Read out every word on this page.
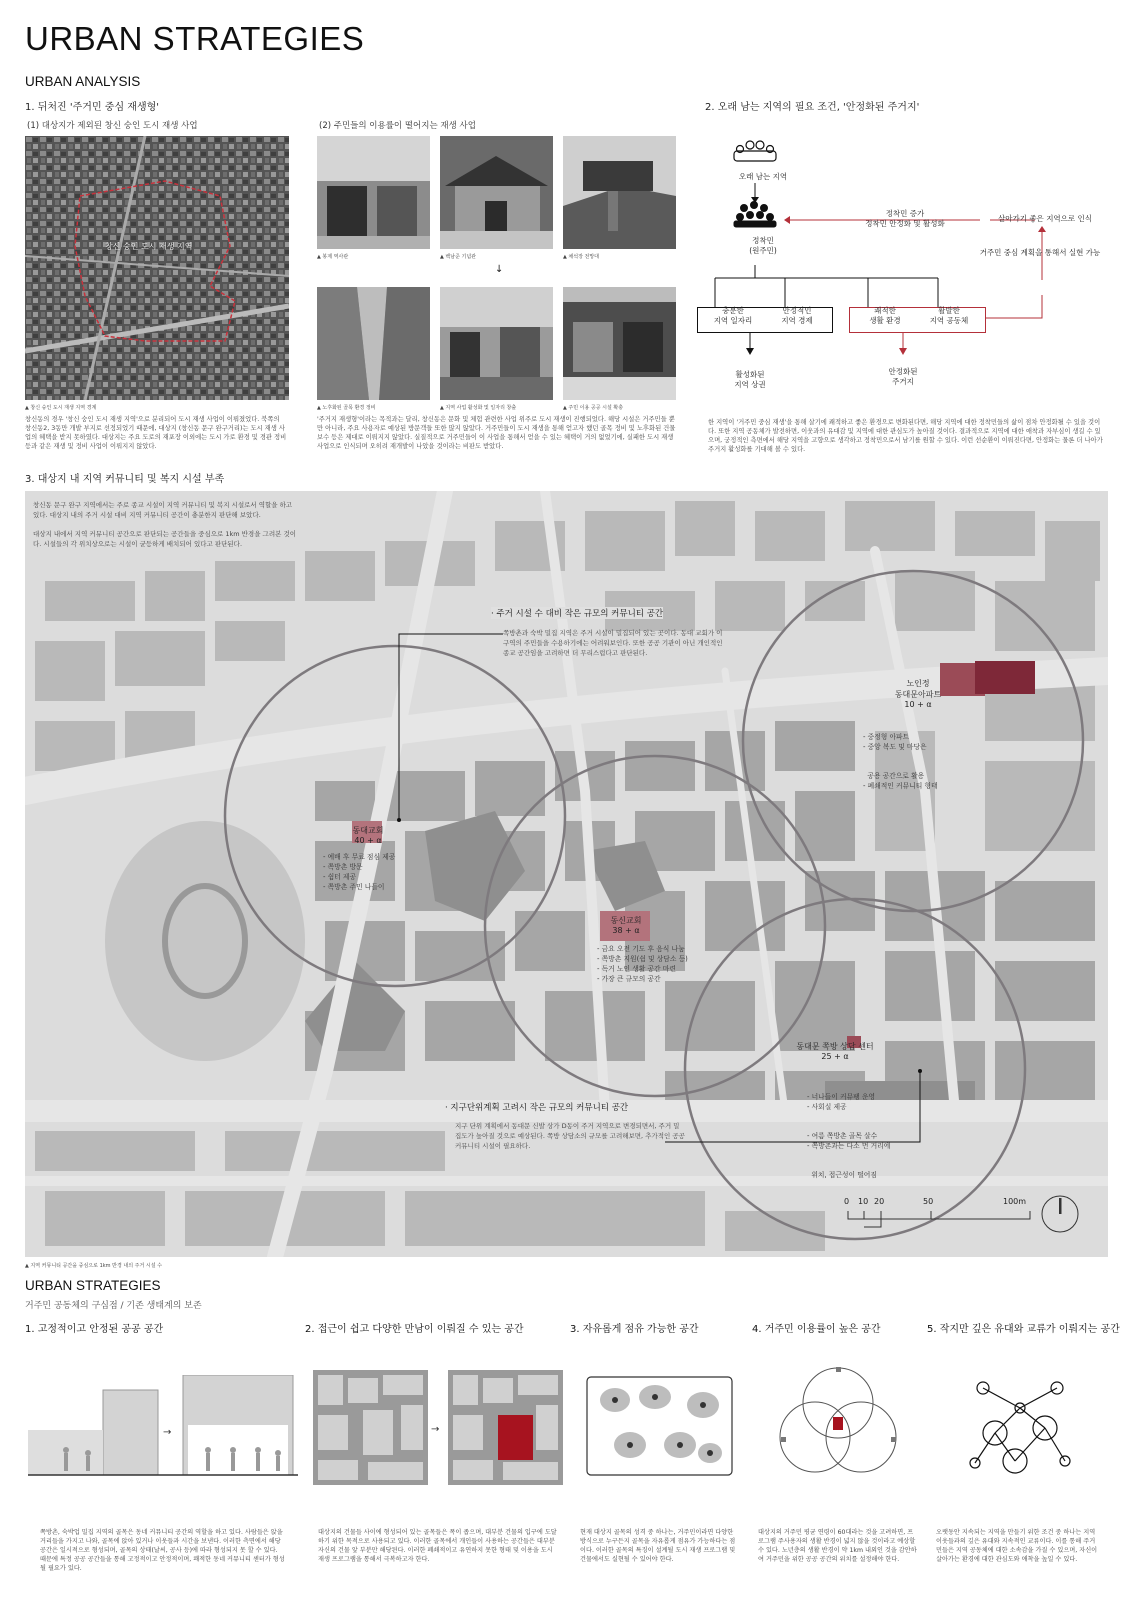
URBAN STRATEGIES
URBAN ANALYSIS
1. 뒤처진 '주거민 중심 재생형'
(1) 대상지가 제외된 창신 숭인 도시 재생 사업
창신 숭인 도시 재생 지역
▲ 창신 숭인 도시 재생 지역 경계
창신동의 경우 '창신 숭인 도시 재생 지역'으로 분리되어 도시 재생 사업이 이뤄졌었다. 북쪽의 창신동2, 3동만 개발 부지로 선정되었기 때문에, 대상지 (창신동 문구 완구거리)는 도시 재생 사업의 혜택을 받지 못하였다. 대상지는 주요 도로의 재포장 이외에는 도시 가로 환경 및 경관 정비 등과 같은 재생 및 정비 사업이 이뤄지지 않았다.
(2) 주민들의 이용률이 떨어지는 재생 사업
▲ 봉제 역사관	▲ 백남준 기념관	▲ 채석장 전망대
↓
▲ 노후화된 골목 환경 정비	▲ 지역 사업 활성화 및 일자리 창출	▲ 주민 이용 공공 시설 확충
'주거지 재생형'이라는 목적과는 달리, 창신동은 문화 및 체험 관련한 사업 위주로 도시 재생이 진행되었다. 해당 시설은 거주민들 뿐만 아니라, 주요 사용자로 예상된 방문객들 또한 많지 않았다. 거주민들이 도시 재생을 통해 얻고자 했던 골목 정비 및 노후화된 건물 보수 등은 제대로 이뤄지지 않았다. 실질적으로 거주민들이 이 사업을 통해서 얻을 수 있는 혜택이 거의 없었기에, 실패한 도시 재생 사업으로 인식되며 오히려 재개발이 나았을 것이라는 비판도 받았다.
2. 오래 남는 지역의 필요 조건, '안정화된 주거지'
오래 남는 지역
정착민
(원주민)
정착민 증가
정착민 안정화 및 활성화
살아가기 좋은 지역으로 인식
거주민 중심 계획을 통해서 실현 가능
충분한
지역 일자리
안정적인
지역 경제
쾌적한
생활 환경
활발한
지역 공동체
활성화된
지역 상권
안정화된
주거지
한 지역이 '거주민 중심 재생'을 통해 살기에 쾌적하고 좋은 환경으로 변화된다면, 해당 지역에 대한 정착민들의 삶이 점차 안정화될 수 있을 것이다. 또한 지역 공동체가 발전하면, 이웃과의 유대감 및 지역에 대한 관심도가 높아질 것이다. 결과적으로 지역에 대한 애착과 자부심이 생길 수 있으며, 궁정적인 측면에서 해당 지역을 고향으로 생각하고 정착민으로서 남기를 원할 수 있다. 이런 선순환이 이뤄진다면, 안정화는 물론 더 나아가 주거지 활성화를 기대해 볼 수 있다.
3. 대상지 내 지역 커뮤니티 및 복지 시설 부족
창신동 문구 완구 지역에서는 주로 종교 시설이 지역 커뮤니티 및 복지 시설로서 역할을 하고 있다. 대상지 내의 주거 시설 대비 지역 커뮤니티 공간이 충분한지 판단해 보았다.

대상지 내에서 지역 커뮤니티 공간으로 판단되는 공간들을 중심으로 1km 반경을 그려본 것이다. 시설들의 각 위치상으로는 시설이 균등하게 배치되어 있다고 판단된다.
· 주거 시설 수 대비 작은 규모의 커뮤니티 공간
쪽방촌과 숙박 밀집 지역은 주거 시설이 밀집되어 있는 곳이다. 동대 교회가 이 구역의 주민들을 수용하기에는 어려워보인다. 또한 공공 기관이 아닌 개인적인 종교 공간임을 고려하면 더 무리스럽다고 판단된다.
· 지구단위계획 고려시 작은 규모의 커뮤니티 공간
지구 단위 계획에서 동대문 신발 상가 D동이 주거 지역으로 변경되면서, 주거 밀집도가 높아질 것으로 예상된다. 쪽방 상담소의 규모를 고려해보면, 추가적인 공공 커뮤니티 시설이 필요하다.
동대교회
40 + α
- 예배 후 무료 점심 제공
- 쪽방촌 방문
- 쉼터 제공
- 쪽방촌 주민 나들이
동신교회
38 + α
- 금요 오전 기도 후 음식 나눔
- 쪽방촌 지원(쉼 및 상담소 등)
- 독거 노인 생활 공간 마련
- 가장 큰 규모의 공간

노인정
동대문아파트
10 + α

- 중정형 아파트
- 중앙 복도 및 마당은

공용 공간으로 활용
- 폐쇄적인 커뮤니티 형태

동대문 쪽방 상담 센터
25 + α

- 너나들이 커뮤팽 운영
- 사회실 제공

- 여름 쪽방촌 골목 살수
- 쪽방촌과는 다소 먼 거리에

위치, 접근성이 떨어짐

0 10 20	50	100m
▲ 지역 커뮤니티 공간을 중심으로 1km 반경 내의 주거 시설 수
URBAN STRATEGIES
거주민 공동체의 구심점 / 기존 생태계의 보존
1. 고정적이고 안정된 공공 공간	2. 접근이 쉽고 다양한 만남이 이뤄질 수 있는 공간	3. 자유롭게 점유 가능한 공간	4. 거주민 이용률이 높은 공간	5. 작지만 깊은 유대와 교류가 이뤄지는 공간
→	→
쪽방촌, 숙박업 밀집 지역의 골목은 동네 커뮤니티 공간의 역할을 하고 있다. 사람들은 앉을 거리들을 가지고 나와, 골목에 앉아 있거나 이웃들과 시간을 보낸다. 이러한 측면에서 해당 공간은 일시적으로 형성되며, 골목의 상태(날씨, 공사 등)에 따라 형성되지 못 할 수 있다. 때문에 특정 공공 공간들을 통해 고정적이고 안정적이며, 쾌적한 동네 커뮤니티 센터가 형성될 필요가 있다.
대상지의 건물들 사이에 형성되어 있는 골목들은 폭이 좁으며, 대부분 건물의 입구에 도달하기 위한 목적으로 사용되고 있다. 이러한 골목에서 개인들이 사용하는 공간들은 대부분 자신의 건물 앞 부분만 해당된다. 이러한 폐쇄적이고 유연하지 못한 형태 및 이용을 도시 재생 프로그램을 통해서 극복하고자 한다.
현재 대상지 골목의 성격 중 하나는, 거주민이라면 다양한 방식으로 누구든지 골목을 자유롭게 점유가 가능하다는 점이다. 이러한 골목의 특징이 설계될 도시 재생 프로그램 및 건물에서도 실현될 수 있어야 한다.
대상지의 거주민 평균 연령이 60대라는 것을 고려하면, 프로그램 주사용자의 생활 반경이 넓지 않을 것이라고 예상할 수 있다. 노년층의 생활 반경이 약 1km 내외인 것을 감안하여 거주민을 위한 공공 공간의 위치를 설정해야 한다.
오랫동안 지속되는 지역을 만들기 위한 조건 중 하나는 지역 이웃들과의 깊은 유대와 지속적인 교류이다. 이를 통해 주거민들은 지역 공동체에 대한 소속감을 가질 수 있으며, 자신이 살아가는 환경에 대한 관심도와 애착을 높일 수 있다.
